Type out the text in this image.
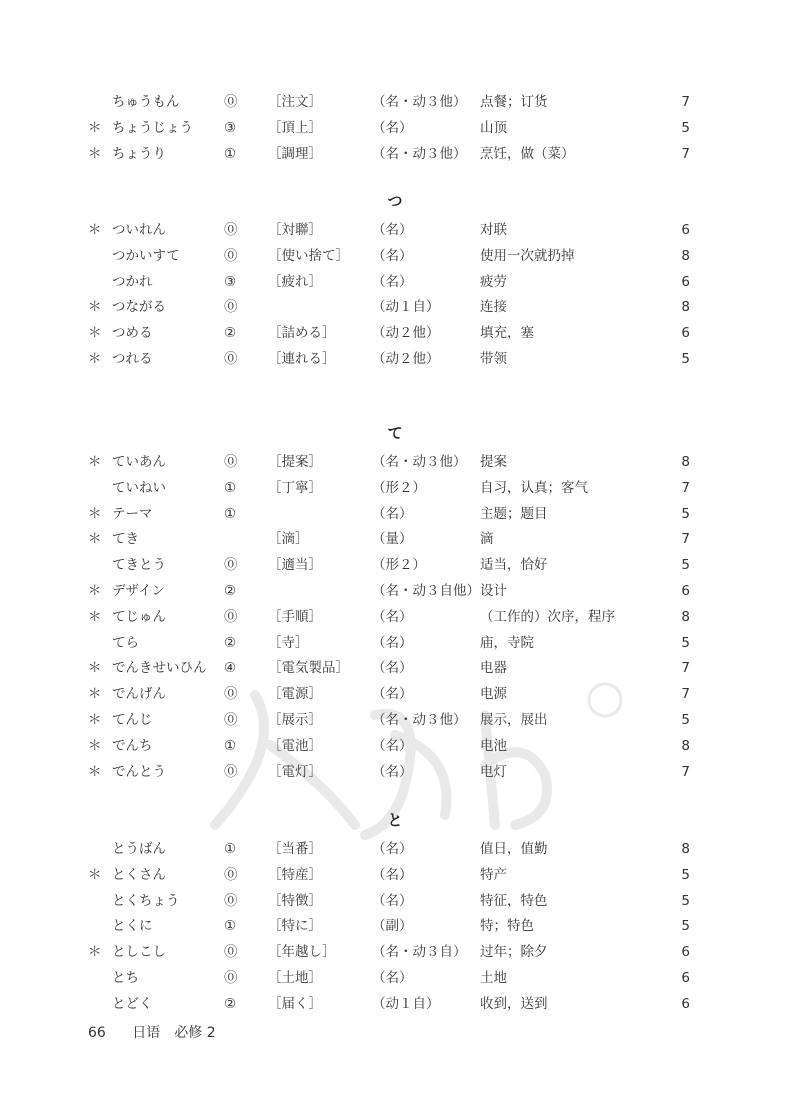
ちゅうもん	⓪ ［注文］	（名・动３他） 点餐；订货	7
＊ ちょうじょう ③ ［頂上］	（名）	山顶	5
＊ ちょうり	① ［調理］	（名・动３他） 烹饪，做（菜）	7
つ
＊ ついれん	⓪ ［対聯］	（名）	对联	6
つかいすて	⓪ ［使い捨て］ （名）	使用一次就扔掉	8
つかれ	③ ［疲れ］	（名）	疲劳	6
＊ つながる	⓪	（动１自）	连接	8
＊ つめる	② ［詰める］	（动２他）	填充，塞	6
＊ つれる	⓪ ［連れる］	（动２他）	带领	5
て
＊ ていあん	⓪ ［提案］	（名・动３他） 提案	8
ていねい	① ［丁寧］	（形２）	自习，认真；客气	7
＊ テーマ	①	（名）	主题；题目	5
＊ てき	［滴］	（量）	滴	7
てきとう	⓪ ［適当］	（形２）	适当，恰好	5
＊ デザイン	②	（名・动３自他） 设计	6
＊ てじゅん	⓪ ［手順］	（名）	（工作的）次序，程序	8
てら	② ［寺］	（名）	庙，寺院	5
＊ でんきせいひん ④ ［電気製品］ （名）	电器	7
＊ でんげん	⓪ ［電源］	（名）	电源	7
＊ てんじ	⓪ ［展示］	（名・动３他） 展示，展出	5
＊ でんち	① ［電池］	（名）	电池	8
＊ でんとう	⓪ ［電灯］	（名）	电灯	7
と
とうばん	① ［当番］	（名）	值日，值勤	8
＊ とくさん	⓪ ［特産］	（名）	特产	5
とくちょう	⓪ ［特徴］	（名）	特征，特色	5
とくに	① ［特に］	（副）	特；特色	5
＊ としこし	⓪ ［年越し］	（名・动３自） 过年；除夕	6
とち	⓪ ［土地］	（名）	土地	6
とどく	② ［届く］	（动１自）	收到，送到	6
66 日语　必修 2
